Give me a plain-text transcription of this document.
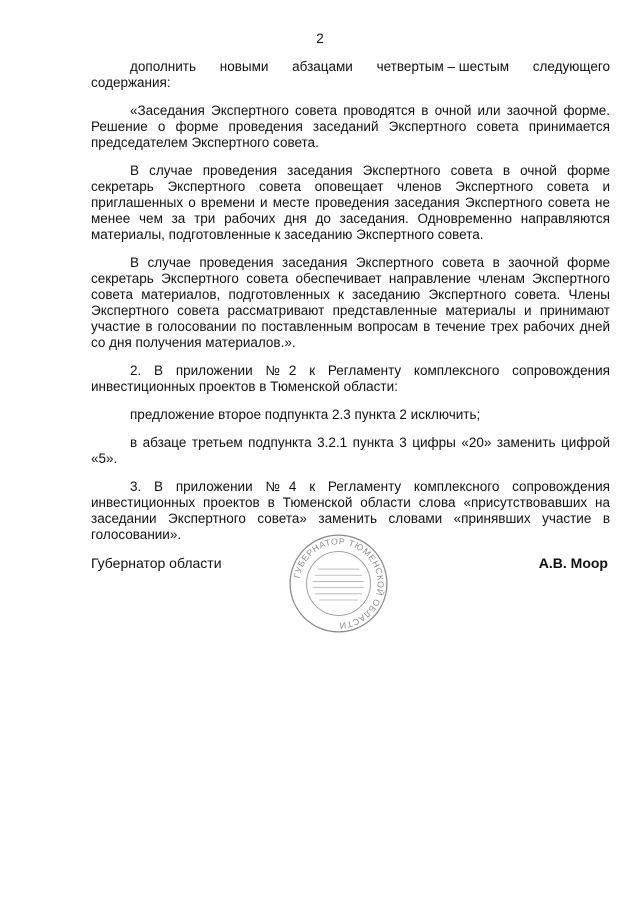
2
дополнить новыми абзацами четвертым – шестым следующего

содержания:

«Заседания Экспертного совета проводятся в очной или заочной форме. Решение о форме проведения заседаний Экспертного совета принимается председателем Экспертного совета.

В случае проведения заседания Экспертного совета в очной форме секретарь Экспертного совета оповещает членов Экспертного совета и приглашенных о времени и месте проведения заседания Экспертного совета не менее чем за три рабочих дня до заседания. Одновременно направляются материалы, подготовленные к заседанию Экспертного совета.

В случае проведения заседания Экспертного совета в заочной форме секретарь Экспертного совета обеспечивает направление членам Экспертного совета материалов, подготовленных к заседанию Экспертного совета. Члены Экспертного совета рассматривают представленные материалы и принимают участие в голосовании по поставленным вопросам в течение трех рабочих дней со дня получения материалов.».

2. В приложении №2 к Регламенту комплексного сопровождения инвестиционных проектов в Тюменской области:

предложение второе подпункта 2.3 пункта 2 исключить;

в абзаце третьем подпункта 3.2.1 пункта 3 цифры «20» заменить цифрой «5».

3. В приложении №4 к Регламенту комплексного сопровождения инвестиционных проектов в Тюменской области слова «присутствовавших на заседании Экспертного совета» заменить словами «принявших участие в голосовании».

Губернатор области
ГУБЕРНАТОР ТЮМЕНСКОЙ ОБЛАСТИ
А.В. Моор
